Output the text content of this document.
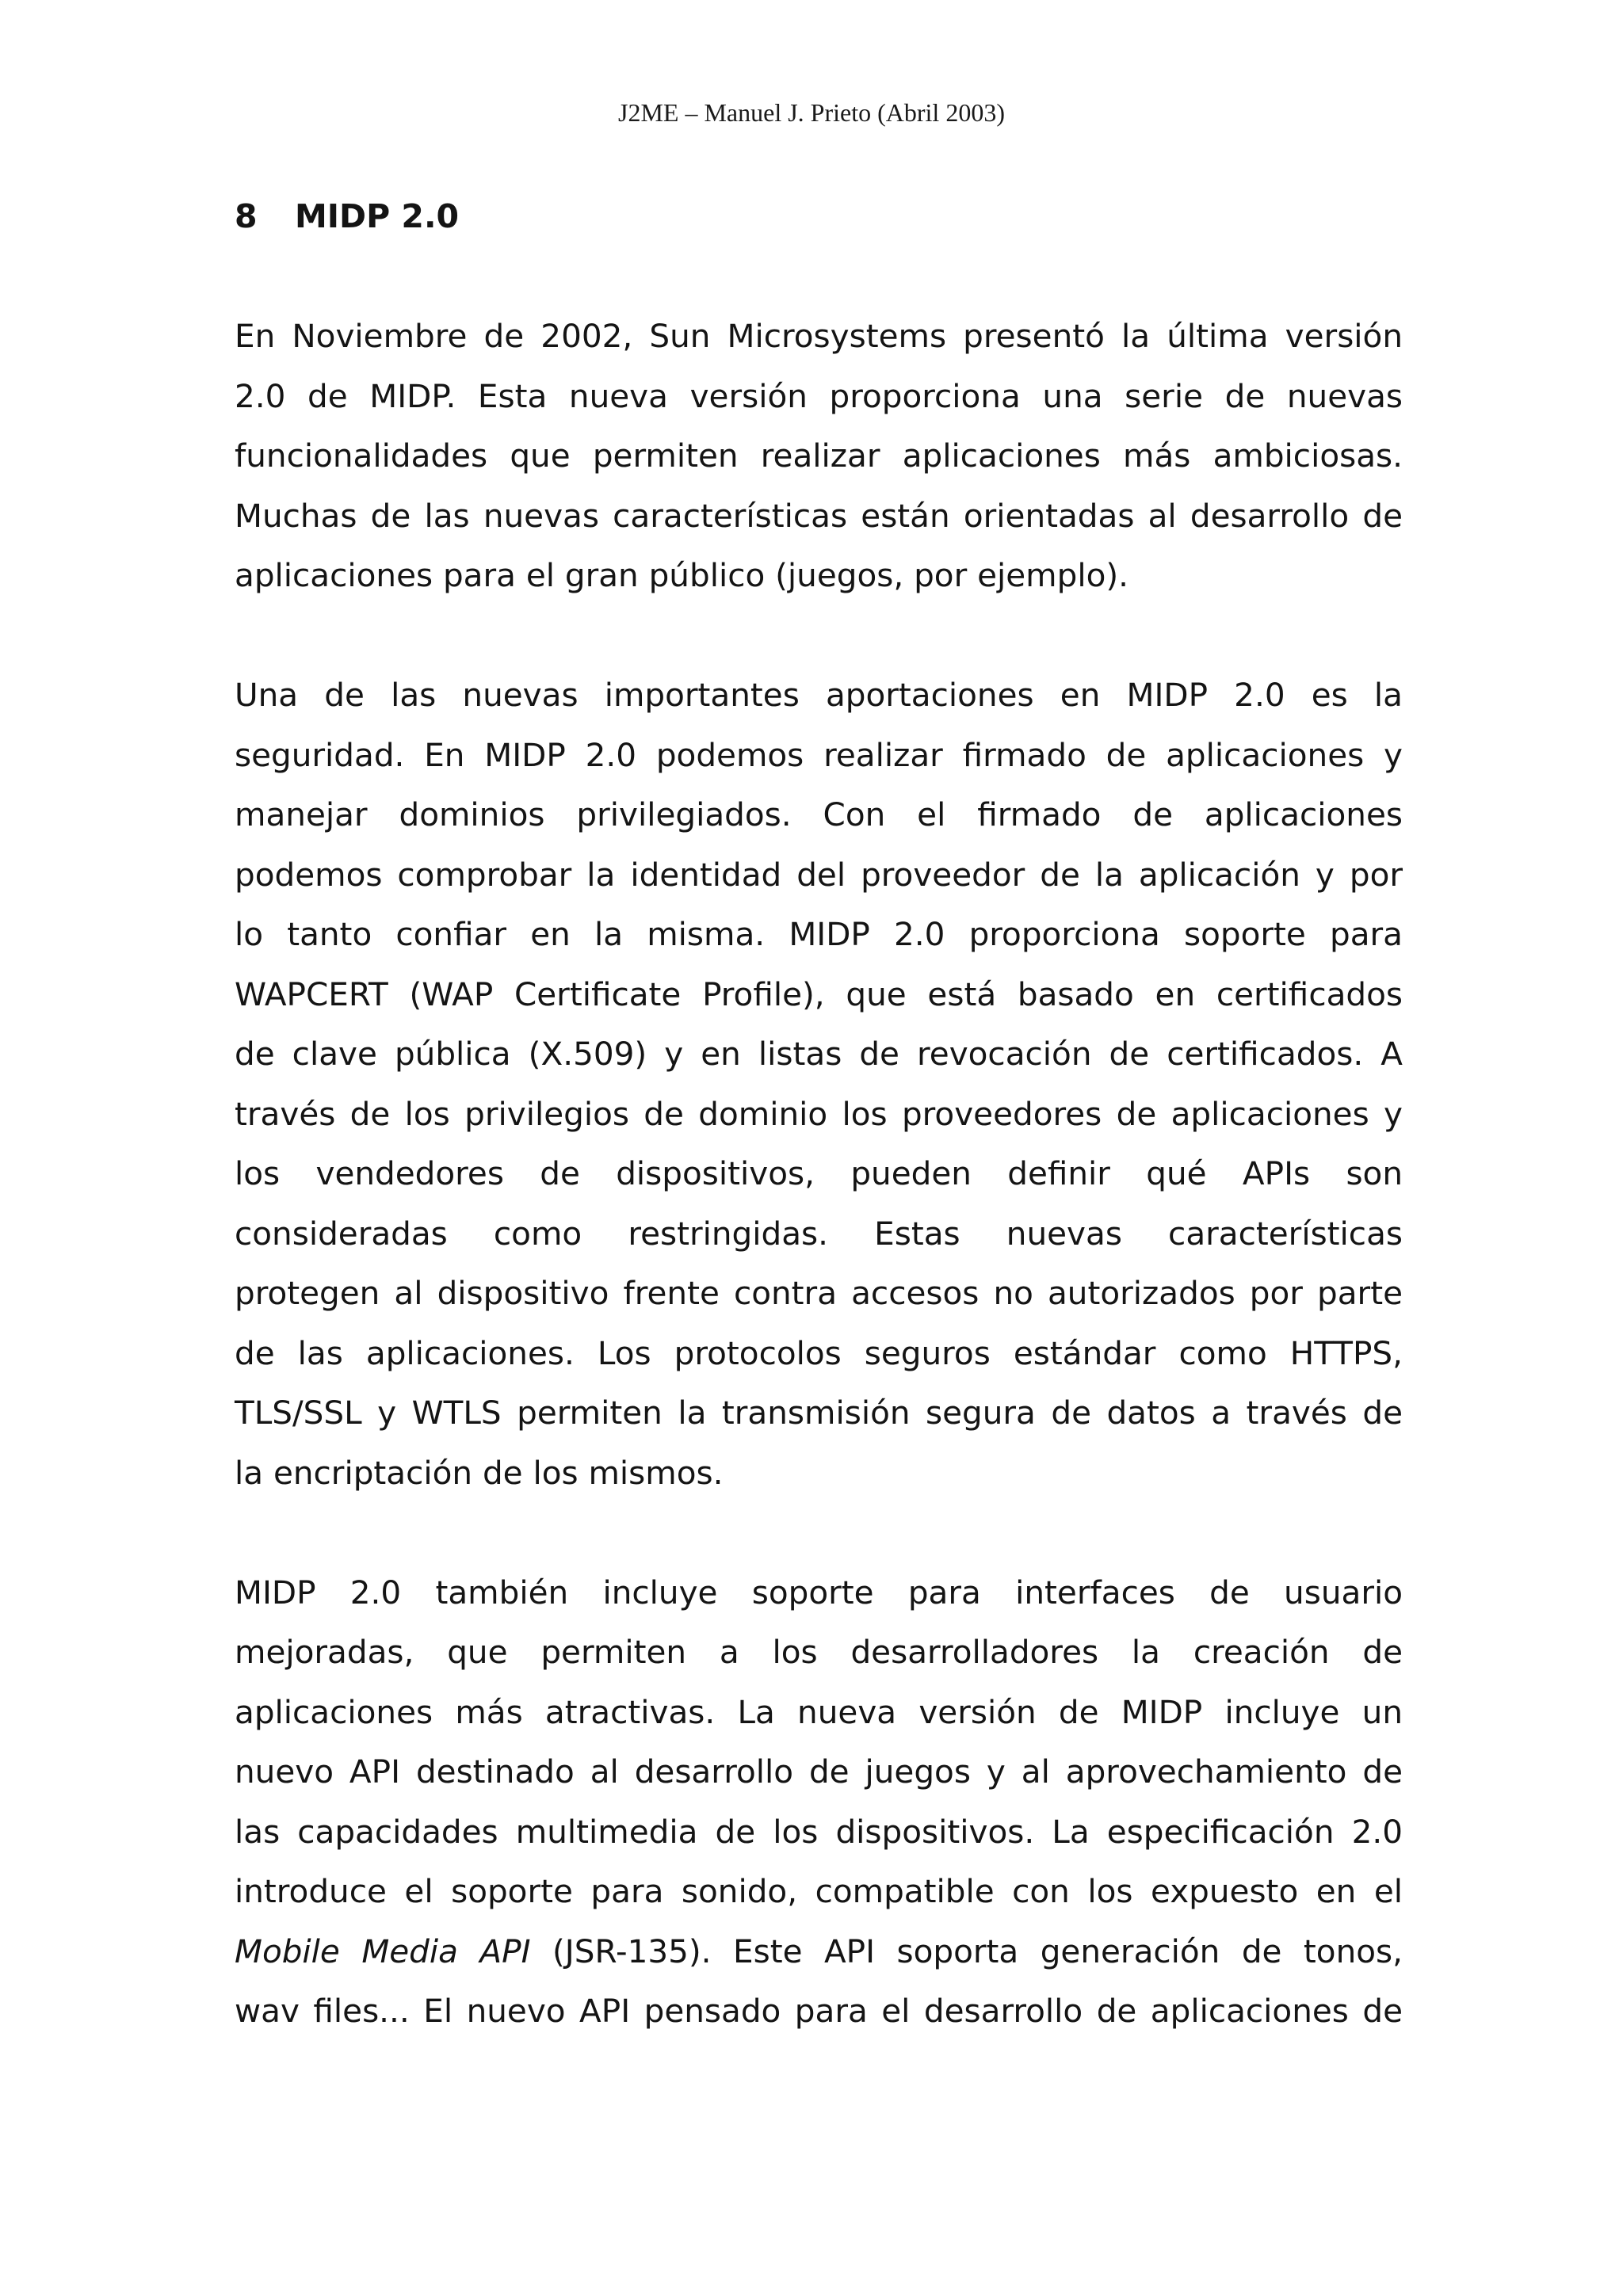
J2ME – Manuel J. Prieto (Abril 2003)
8 MIDP 2.0
En Noviembre de 2002, Sun Microsystems presentó la última versión
2.0 de MIDP. Esta nueva versión proporciona una serie de nuevas
funcionalidades que permiten realizar aplicaciones más ambiciosas.
Muchas de las nuevas características están orientadas al desarrollo de
aplicaciones para el gran público (juegos, por ejemplo).
Una de las nuevas importantes aportaciones en MIDP 2.0 es la
seguridad. En MIDP 2.0 podemos realizar firmado de aplicaciones y
manejar dominios privilegiados. Con el firmado de aplicaciones
podemos comprobar la identidad del proveedor de la aplicación y por
lo tanto confiar en la misma. MIDP 2.0 proporciona soporte para
WAPCERT (WAP Certificate Profile), que está basado en certificados
de clave pública (X.509) y en listas de revocación de certificados. A
través de los privilegios de dominio los proveedores de aplicaciones y
los vendedores de dispositivos, pueden definir qué APIs son
consideradas como restringidas. Estas nuevas características
protegen al dispositivo frente contra accesos no autorizados por parte
de las aplicaciones. Los protocolos seguros estándar como HTTPS,
TLS/SSL y WTLS permiten la transmisión segura de datos a través de
la encriptación de los mismos.
MIDP 2.0 también incluye soporte para interfaces de usuario
mejoradas, que permiten a los desarrolladores la creación de
aplicaciones más atractivas. La nueva versión de MIDP incluye un
nuevo API destinado al desarrollo de juegos y al aprovechamiento de
las capacidades multimedia de los dispositivos. La especificación 2.0
introduce el soporte para sonido, compatible con los expuesto en el
Mobile Media API (JSR-135). Este API soporta generación de tonos,
wav files... El nuevo API pensado para el desarrollo de aplicaciones de
